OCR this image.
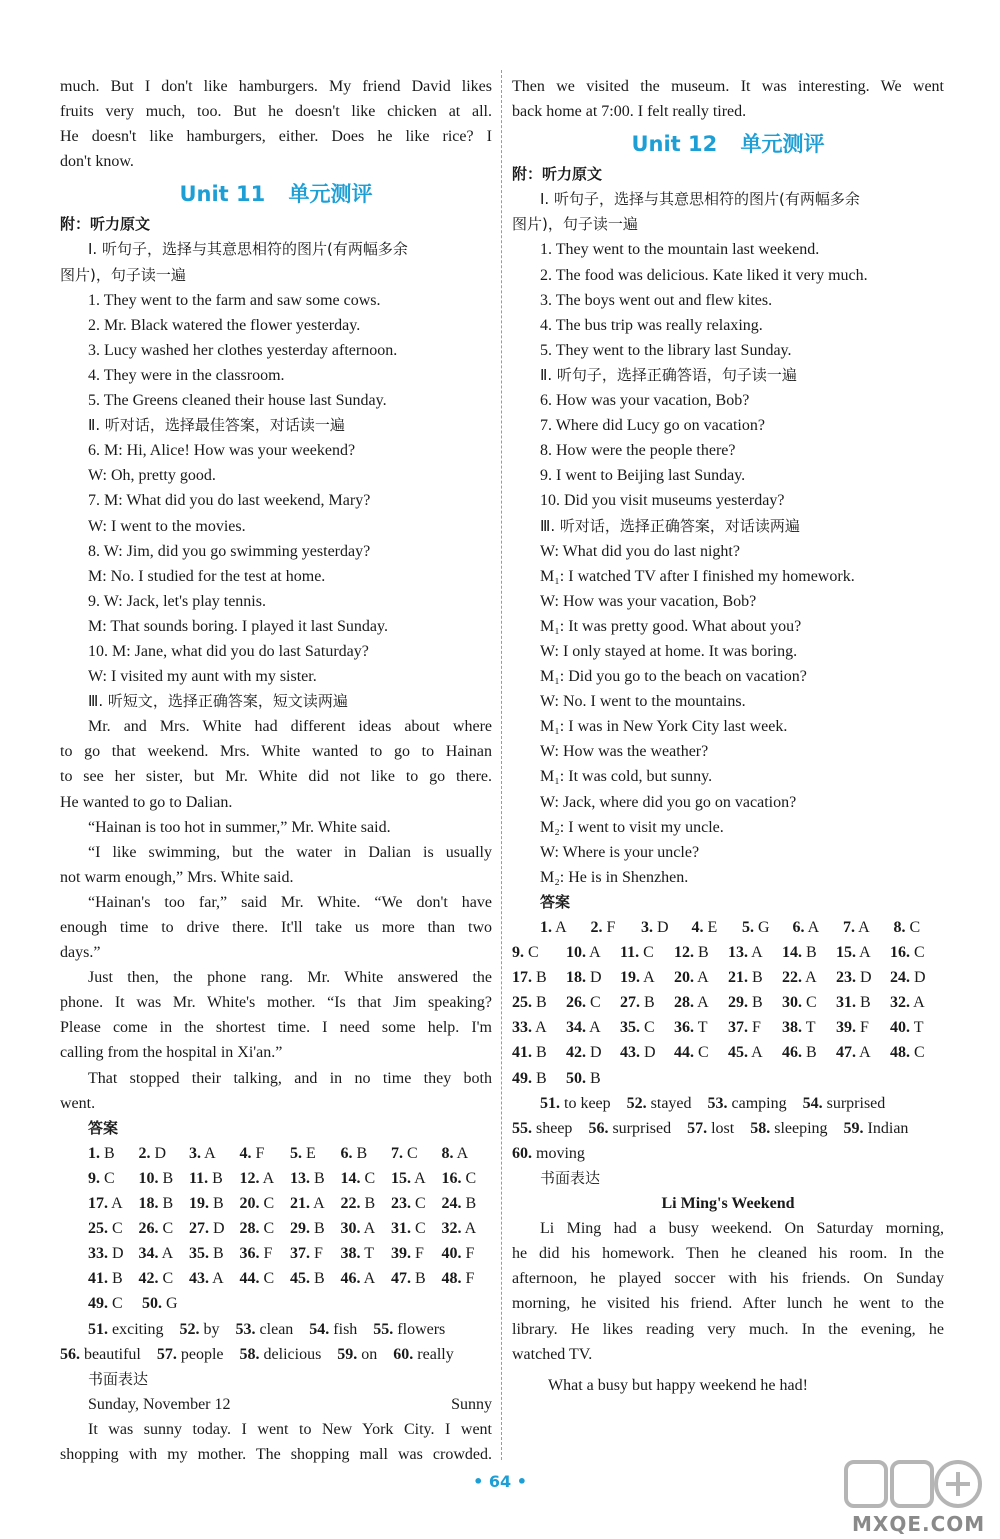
much. But I don't like hamburgers. My friend David likes
fruits very much, too. But he doesn't like chicken at all.
He doesn't like hamburgers, either. Does he like rice? I
don't know.
Unit 11 单元测评
附：听力原文
Ⅰ. 听句子，选择与其意思相符的图片(有两幅多余
图片)，句子读一遍
1. They went to the farm and saw some cows.
2. Mr. Black watered the flower yesterday.
3. Lucy washed her clothes yesterday afternoon.
4. They were in the classroom.
5. The Greens cleaned their house last Sunday.
Ⅱ. 听对话，选择最佳答案，对话读一遍
6. M: Hi, Alice! How was your weekend?
W: Oh, pretty good.
7. M: What did you do last weekend, Mary?
W: I went to the movies.
8. W: Jim, did you go swimming yesterday?
M: No. I studied for the test at home.
9. W: Jack, let's play tennis.
M: That sounds boring. I played it last Sunday.
10. M: Jane, what did you do last Saturday?
W: I visited my aunt with my sister.
Ⅲ. 听短文，选择正确答案，短文读两遍
Mr. and Mrs. White had different ideas about where
to go that weekend. Mrs. White wanted to go to Hainan
to see her sister, but Mr. White did not like to go there.
He wanted to go to Dalian.
“Hainan is too hot in summer,” Mr. White said.
“I like swimming, but the water in Dalian is usually
not warm enough,” Mrs. White said.
“Hainan's too far,” said Mr. White. “We don't have
enough time to drive there. It'll take us more than two
days.”
Just then, the phone rang. Mr. White answered the
phone. It was Mr. White's mother. “Is that Jim speaking?
Please come in the shortest time. I need some help. I'm
calling from the hospital in Xi'an.”
That stopped their talking, and in no time they both
went.
答案
1. B	2. D	3. A	4. F	5. E	6. B	7. C	8. A
9. C	10. B 11. B	12. A 13. B 14. C 15. A 16. C
17. A 18. B 19. B 20. C 21. A 22. B 23. C 24. B
25. C 26. C 27. D 28. C 29. B 30. A 31. C 32. A
33. D 34. A 35. B 36. F	37. F	38. T	39. F	40. F
41. B 42. C 43. A 44. C 45. B 46. A 47. B 48. F
49. C	50. G
51. exciting 52. by 53. clean 54. fish 55. flowers
56. beautiful 57. people 58. delicious 59. on 60. really
书面表达
Sunday, November 12	Sunny
It was sunny today. I went to New York City. I went
shopping with my mother. The shopping mall was crowded.
Then we visited the museum. It was interesting. We went
back home at 7:00. I felt really tired.
Unit 12 单元测评
附：听力原文
Ⅰ. 听句子，选择与其意思相符的图片(有两幅多余
图片)，句子读一遍
1. They went to the mountain last weekend.
2. The food was delicious. Kate liked it very much.
3. The boys went out and flew kites.
4. The bus trip was really relaxing.
5. They went to the library last Sunday.
Ⅱ. 听句子，选择正确答语，句子读一遍
6. How was your vacation, Bob?
7. Where did Lucy go on vacation?
8. How were the people there?
9. I went to Beijing last Sunday.
10. Did you visit museums yesterday?
Ⅲ. 听对话，选择正确答案，对话读两遍
W: What did you do last night?
M₁: I watched TV after I finished my homework.
W: How was your vacation, Bob?
M₁: It was pretty good. What about you?
W: I only stayed at home. It was boring.
M₁: Did you go to the beach on vacation?
W: No. I went to the mountains.
M₁: I was in New York City last week.
W: How was the weather?
M₁: It was cold, but sunny.
W: Jack, where did you go on vacation?
M₂: I went to visit my uncle.
W: Where is your uncle?
M₂: He is in Shenzhen.
答案
1. A	2. F	3. D	4. E	5. G	6. A	7. A	8. C
9. C	10. A	11. C	12. B	13. A	14. B	15. A	16. C
17. B	18. D	19. A	20. A	21. B	22. A	23. D	24. D
25. B	26. C	27. B	28. A	29. B	30. C	31. B	32. A
33. A	34. A	35. C	36. T	37. F	38. T	39. F	40. T
41. B	42. D	43. D	44. C	45. A	46. B	47. A	48. C
49. B	50. B
51. to keep 52. stayed 53. camping 54. surprised
55. sheep 56. surprised 57. lost 58. sleeping 59. Indian
60. moving
书面表达
Li Ming's Weekend
Li Ming had a busy weekend. On Saturday morning,
he did his homework. Then he cleaned his room. In the
afternoon, he played soccer with his friends. On Sunday
morning, he visited his friend. After lunch he went to the
library. He likes reading very much. In the evening, he
watched TV.
What a busy but happy weekend he had!
• 64 •
MXQE.COM
